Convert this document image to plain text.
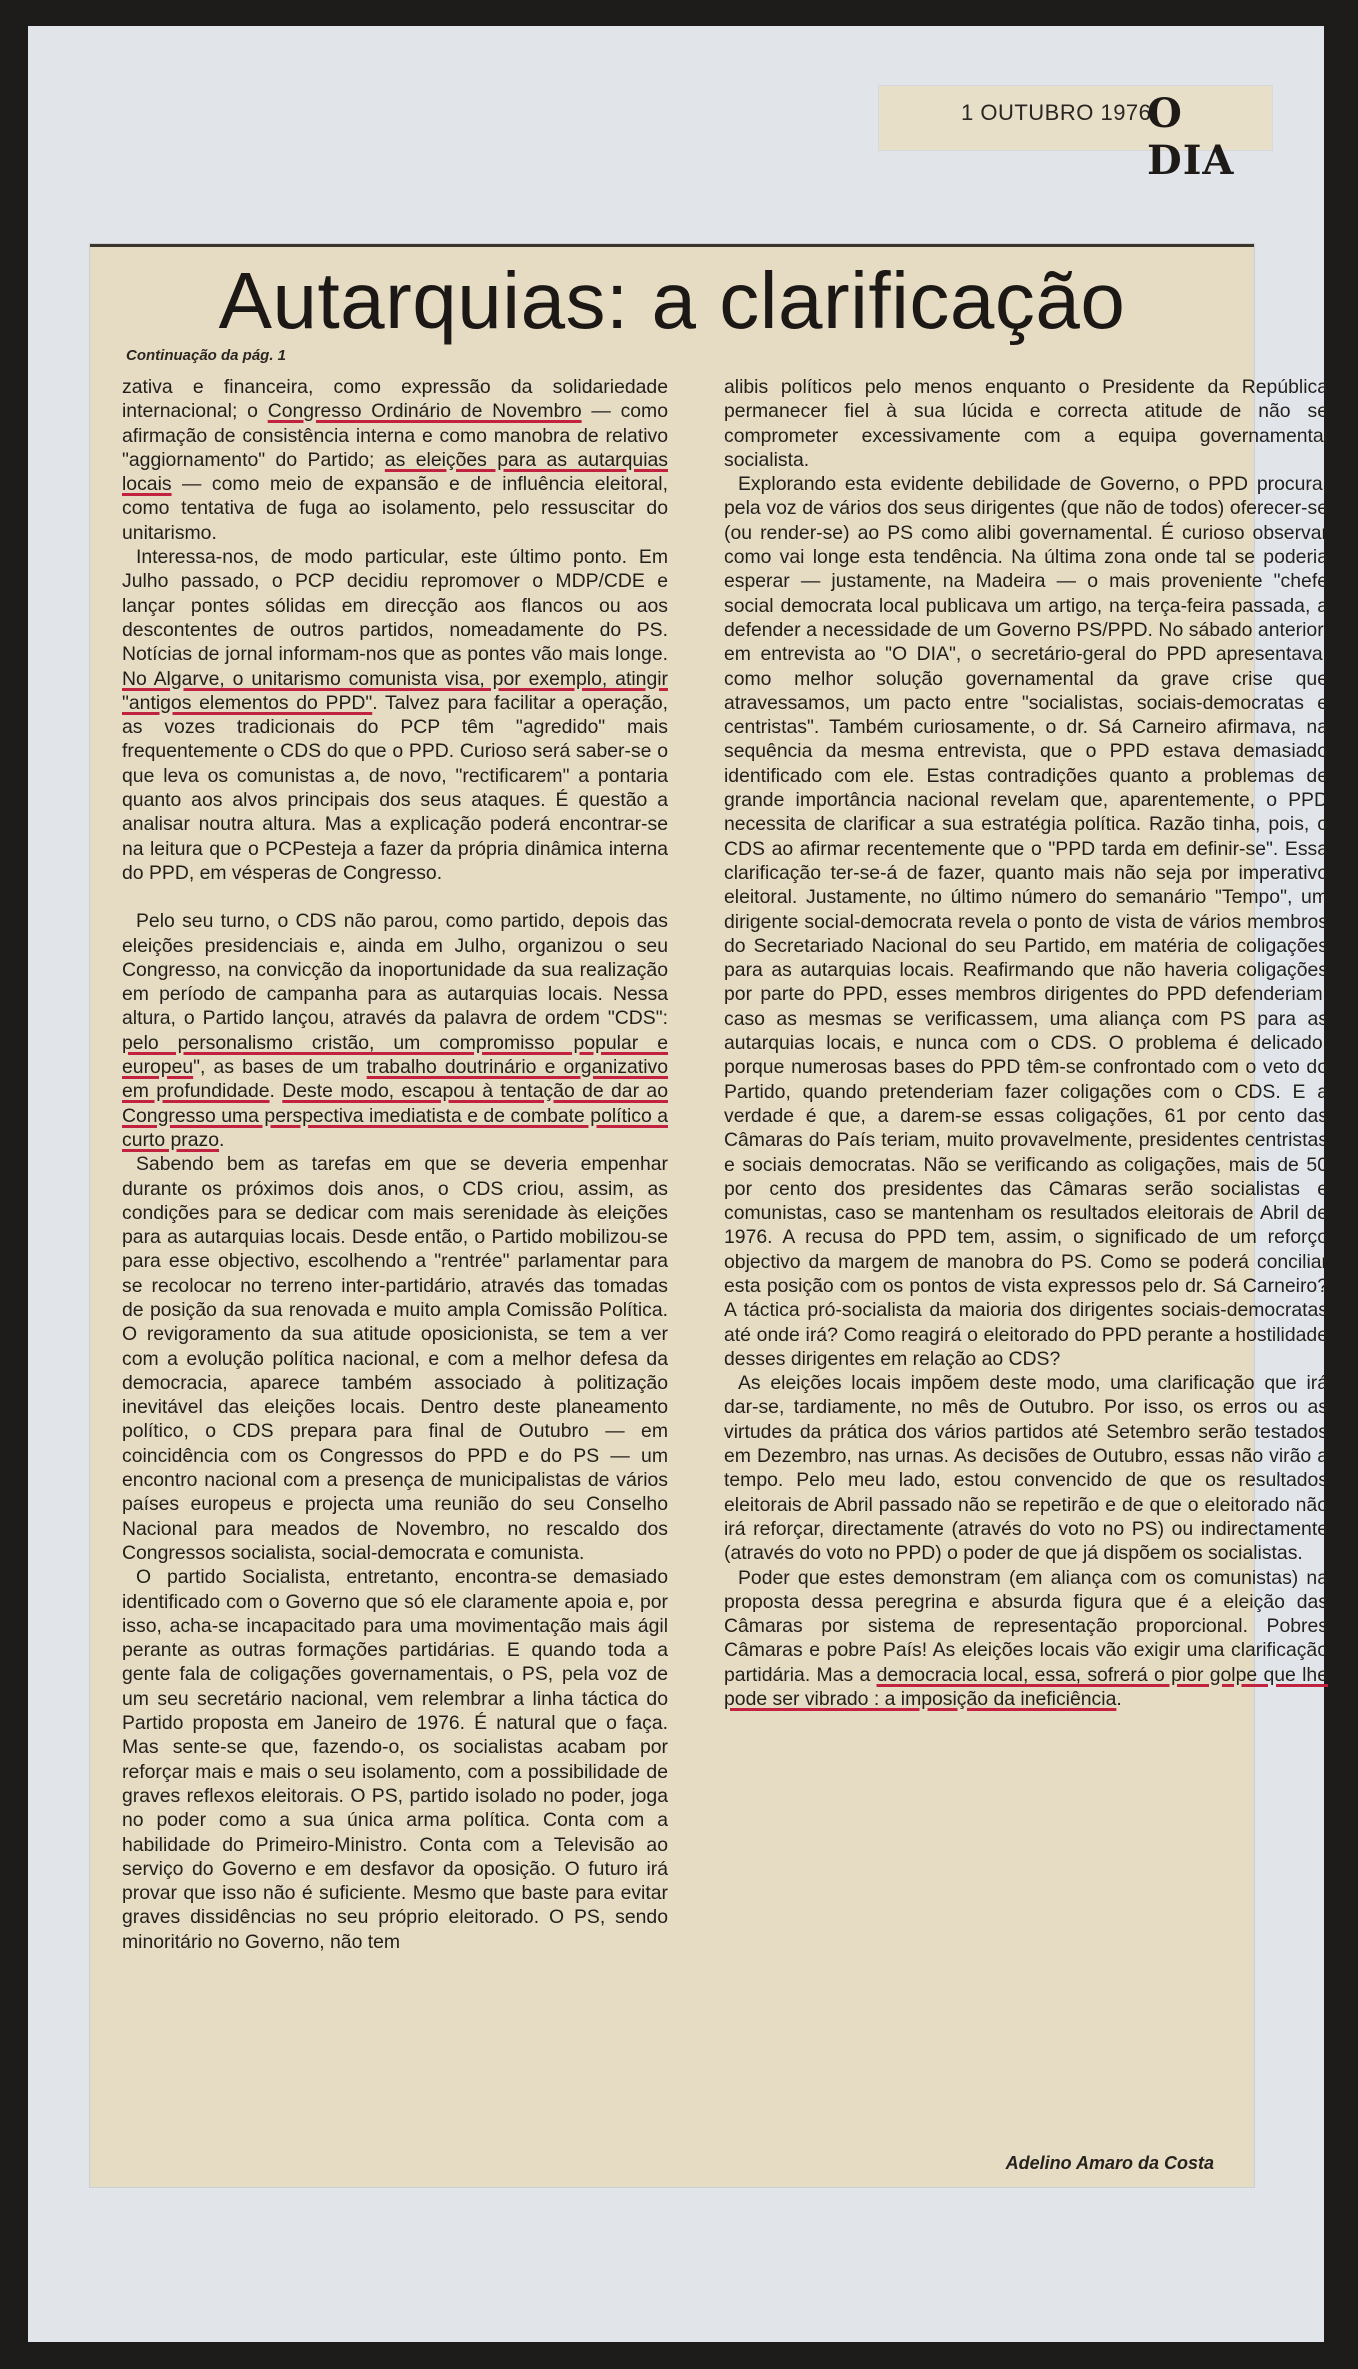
1 OUTUBRO 1976
O DIA
Autarquias: a clarificação
Continuação da pág. 1

zativa e financeira, como expressão da solidariedade internacional; o Congresso Ordinário de Novembro — como afirmação de consistência interna e como manobra de relativo "aggiornamento" do Partido; as eleições para as autarquias locais — como meio de expansão e de influência eleitoral, como tentativa de fuga ao isolamento, pelo ressuscitar do unitarismo.

Interessa-nos, de modo particular, este último ponto. Em Julho passado, o PCP decidiu repromover o MDP/CDE e lançar pontes sólidas em direcção aos flancos ou aos descontentes de outros partidos, nomeadamente do PS. Notícias de jornal informam-nos que as pontes vão mais longe. No Algarve, o unitarismo comunista visa, por exemplo, atingir "antigos elementos do PPD". Talvez para facilitar a operação, as vozes tradicionais do PCP têm "agredido" mais frequentemente o CDS do que o PPD. Curioso será saber-se o que leva os comunistas a, de novo, "rectificarem" a pontaria quanto aos alvos principais dos seus ataques. É questão a analisar noutra altura. Mas a explicação poderá encontrar-se na leitura que o PCPesteja a fazer da própria dinâmica interna do PPD, em vésperas de Congresso.

Pelo seu turno, o CDS não parou, como partido, depois das eleições presidenciais e, ainda em Julho, organizou o seu Congresso, na convicção da inoportunidade da sua realização em período de campanha para as autarquias locais. Nessa altura, o Partido lançou, através da palavra de ordem "CDS": pelo personalismo cristão, um compromisso popular e europeu", as bases de um trabalho doutrinário e organizativo em profundidade. Deste modo, escapou à tentação de dar ao Congresso uma perspectiva imediatista e de combate político a curto prazo.

Sabendo bem as tarefas em que se deveria empenhar durante os próximos dois anos, o CDS criou, assim, as condições para se dedicar com mais serenidade às eleições para as autarquias locais. Desde então, o Partido mobilizou-se para esse objectivo, escolhendo a "rentrée" parlamentar para se recolocar no terreno inter-partidário, através das tomadas de posição da sua renovada e muito ampla Comissão Política. O revigoramento da sua atitude oposicionista, se tem a ver com a evolução política nacional, e com a melhor defesa da democracia, aparece também associado à politização inevitável das eleições locais. Dentro deste planeamento político, o CDS prepara para final de Outubro — em coincidência com os Congressos do PPD e do PS — um encontro nacional com a presença de municipalistas de vários países europeus e projecta uma reunião do seu Conselho Nacional para meados de Novembro, no rescaldo dos Congressos socialista, social-democrata e comunista.

O partido Socialista, entretanto, encontra-se demasiado identificado com o Governo que só ele claramente apoia e, por isso, acha-se incapacitado para uma movimentação mais ágil perante as outras formações partidárias. E quando toda a gente fala de coligações governamentais, o PS, pela voz de um seu secretário nacional, vem relembrar a linha táctica do Partido proposta em Janeiro de 1976. É natural que o faça. Mas sente-se que, fazendo-o, os socialistas acabam por reforçar mais e mais o seu isolamento, com a possibilidade de graves reflexos eleitorais. O PS, partido isolado no poder, joga no poder como a sua única arma política. Conta com a habilidade do Primeiro-Ministro. Conta com a Televisão ao serviço do Governo e em desfavor da oposição. O futuro irá provar que isso não é suficiente. Mesmo que baste para evitar graves dissidências no seu próprio eleitorado. O PS, sendo minoritário no Governo, não tem

alibis políticos pelo menos enquanto o Presidente da República permanecer fiel à sua lúcida e correcta atitude de não se comprometer excessivamente com a equipa governamental socialista.

Explorando esta evidente debilidade de Governo, o PPD procura, pela voz de vários dos seus dirigentes (que não de todos) oferecer-se (ou render-se) ao PS como alibi governamental. É curioso observar como vai longe esta tendência. Na última zona onde tal se poderia esperar — justamente, na Madeira — o mais proveniente "chefe social democrata local publicava um artigo, na terça-feira passada, a defender a necessidade de um Governo PS/PPD. No sábado anterior, em entrevista ao "O DIA", o secretário-geral do PPD apresentava, como melhor solução governamental da grave crise que atravessamos, um pacto entre "socialistas, sociais-democratas e centristas". Também curiosamente, o dr. Sá Carneiro afirmava, na sequência da mesma entrevista, que o PPD estava demasiado identificado com ele. Estas contradições quanto a problemas de grande importância nacional revelam que, aparentemente, o PPD necessita de clarificar a sua estratégia política. Razão tinha, pois, o CDS ao afirmar recentemente que o "PPD tarda em definir-se". Essa clarificação ter-se-á de fazer, quanto mais não seja por imperativo eleitoral. Justamente, no último número do semanário "Tempo", um dirigente social-democrata revela o ponto de vista de vários membros do Secretariado Nacional do seu Partido, em matéria de coligações para as autarquias locais. Reafirmando que não haveria coligações por parte do PPD, esses membros dirigentes do PPD defenderiam, caso as mesmas se verificassem, uma aliança com PS para as autarquias locais, e nunca com o CDS. O problema é delicado, porque numerosas bases do PPD têm-se confrontado com o veto do Partido, quando pretenderiam fazer coligações com o CDS. E a verdade é que, a darem-se essas coligações, 61 por cento das Câmaras do País teriam, muito provavelmente, presidentes centristas e sociais democratas. Não se verificando as coligações, mais de 50 por cento dos presidentes das Câmaras serão socialistas e comunistas, caso se mantenham os resultados eleitorais de Abril de 1976. A recusa do PPD tem, assim, o significado de um reforço objectivo da margem de manobra do PS. Como se poderá conciliar esta posição com os pontos de vista expressos pelo dr. Sá Carneiro? A táctica pró-socialista da maioria dos dirigentes sociais-democratas até onde irá? Como reagirá o eleitorado do PPD perante a hostilidade desses dirigentes em relação ao CDS?

As eleições locais impõem deste modo, uma clarificação que irá dar-se, tardiamente, no mês de Outubro. Por isso, os erros ou as virtudes da prática dos vários partidos até Setembro serão testados em Dezembro, nas urnas. As decisões de Outubro, essas não virão a tempo. Pelo meu lado, estou convencido de que os resultados eleitorais de Abril passado não se repetirão e de que o eleitorado não irá reforçar, directamente (através do voto no PS) ou indirectamente (através do voto no PPD) o poder de que já dispõem os socialistas.

Poder que estes demonstram (em aliança com os comunistas) na proposta dessa peregrina e absurda figura que é a eleição das Câmaras por sistema de representação proporcional. Pobres Câmaras e pobre País! As eleições locais vão exigir uma clarificação partidária. Mas a democracia local, essa, sofrerá o pior golpe que lhe pode ser vibrado : a imposição da ineficiência.

Adelino Amaro da Costa
